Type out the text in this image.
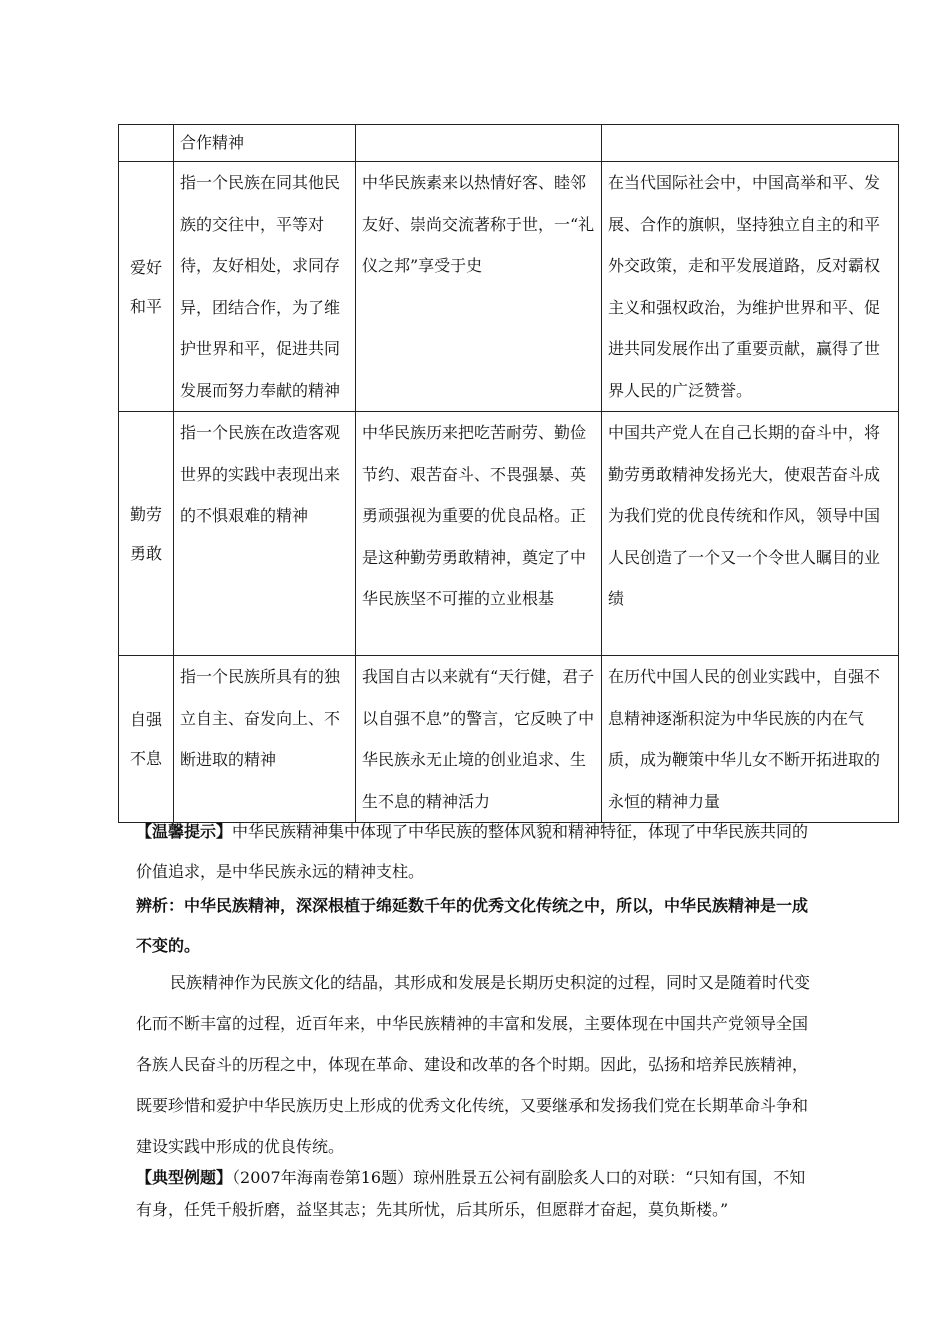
	合作精神		

爱好
和平	指一个民族在同其他民族的交往中，平等对待，友好相处，求同存异，团结合作，为了维护世界和平，促进共同发展而努力奉献的精神	中华民族素来以热情好客、睦邻友好、崇尚交流著称于世，一“礼仪之邦”享受于史	在当代国际社会中，中国高举和平、发展、合作的旗帜，坚持独立自主的和平外交政策，走和平发展道路，反对霸权主义和强权政治，为维护世界和平、促进共同发展作出了重要贡献，赢得了世界人民的广泛赞誉。

勤劳
勇敢	指一个民族在改造客观世界的实践中表现出来的不惧艰难的精神	中华民族历来把吃苦耐劳、勤俭节约、艰苦奋斗、不畏强暴、英勇顽强视为重要的优良品格。正是这种勤劳勇敢精神，奠定了中华民族坚不可摧的立业根基	中国共产党人在自己长期的奋斗中，将勤劳勇敢精神发扬光大，使艰苦奋斗成为我们党的优良传统和作风，领导中国人民创造了一个又一个令世人瞩目的业绩

自强
不息	指一个民族所具有的独立自主、奋发向上、不断进取的精神	我国自古以来就有“天行健，君子以自强不息”的警言，它反映了中华民族永无止境的创业追求、生生不息的精神活力	在历代中国人民的创业实践中，自强不息精神逐渐积淀为中华民族的内在气质，成为鞭策中华儿女不断开拓进取的永恒的精神力量

【温馨提示】中华民族精神集中体现了中华民族的整体风貌和精神特征，体现了中华民族共同的价值追求，是中华民族永远的精神支柱。

辨析：中华民族精神，深深根植于绵延数千年的优秀文化传统之中，所以，中华民族精神是一成不变的。

民族精神作为民族文化的结晶，其形成和发展是长期历史积淀的过程，同时又是随着时代变化而不断丰富的过程，近百年来，中华民族精神的丰富和发展，主要体现在中国共产党领导全国各族人民奋斗的历程之中，体现在革命、建设和改革的各个时期。因此，弘扬和培养民族精神，既要珍惜和爱护中华民族历史上形成的优秀文化传统，又要继承和发扬我们党在长期革命斗争和建设实践中形成的优良传统。

【典型例题】（2007年海南卷第16题）琼州胜景五公祠有副脍炙人口的对联：“只知有国，不知有身，任凭千般折磨，益坚其志；先其所忧，后其所乐，但愿群才奋起，莫负斯楼。”
